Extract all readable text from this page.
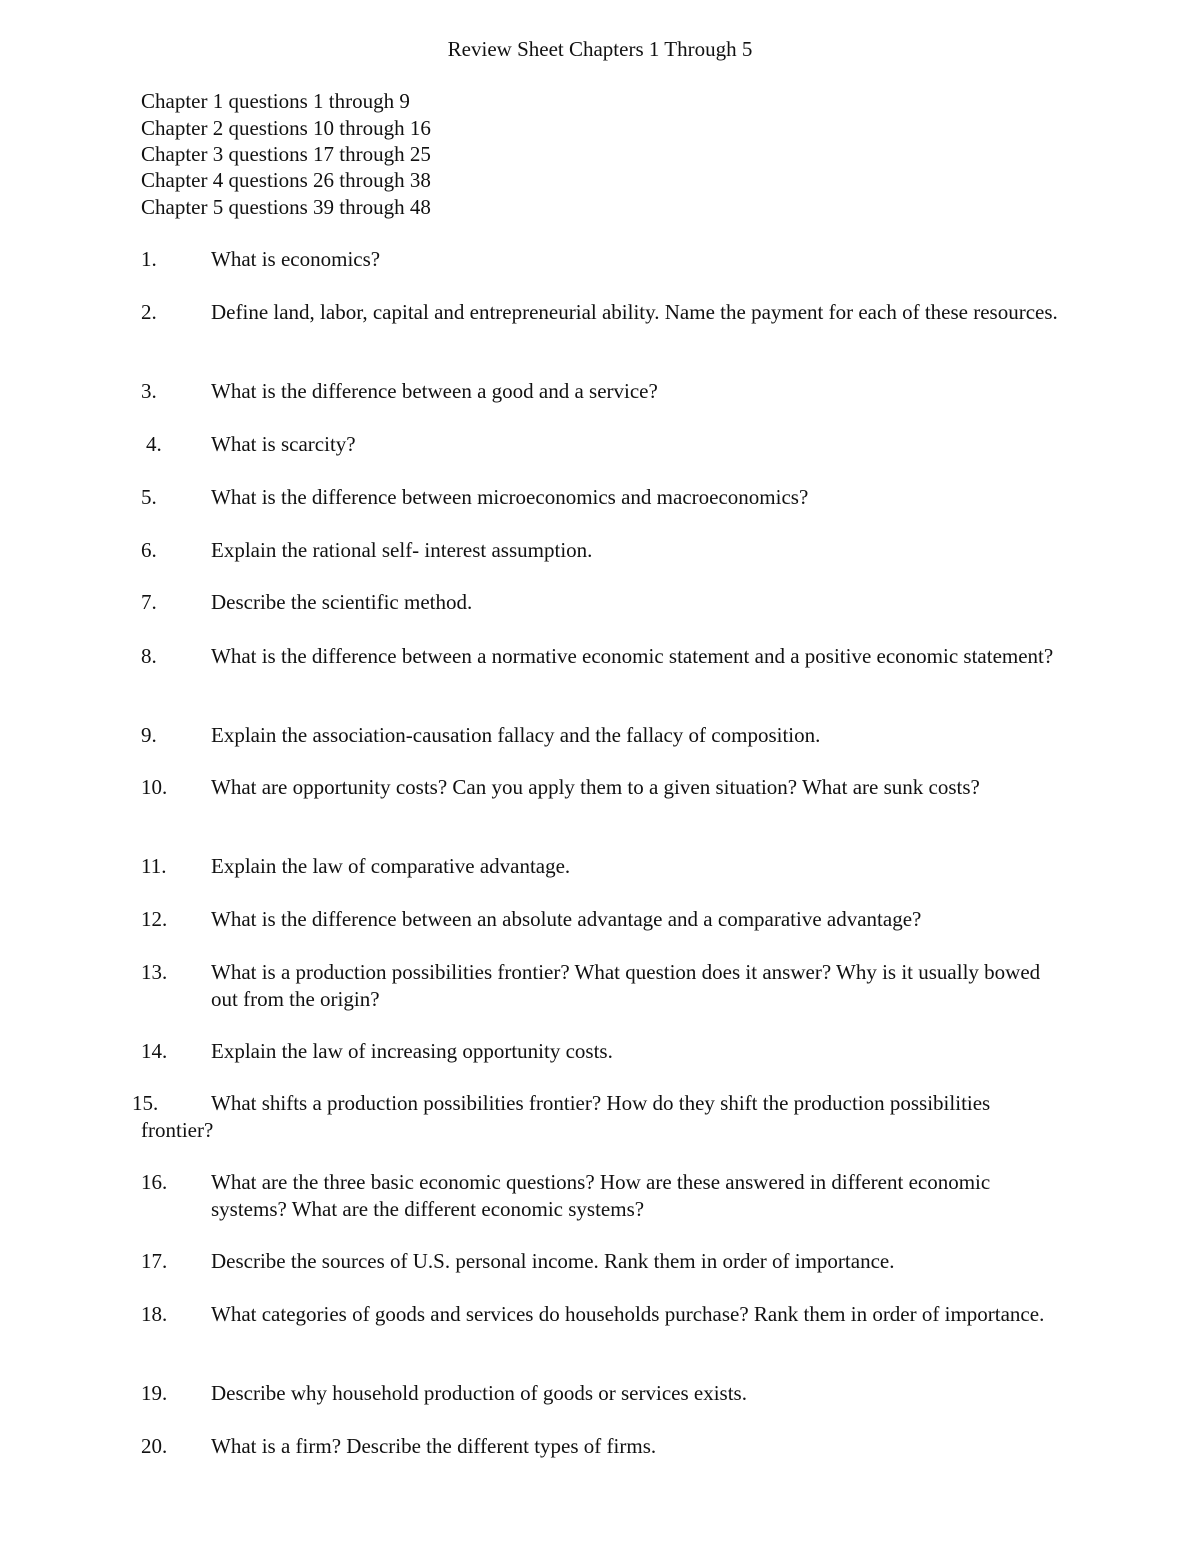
Review Sheet Chapters 1 Through 5
Chapter 1 questions 1 through 9
Chapter 2 questions 10 through 16
Chapter 3 questions 17 through 25
Chapter 4 questions 26 through 38
Chapter 5 questions 39 through 48
1.	What is economics?
2.	Define land, labor, capital and entrepreneurial ability. Name the payment for each of these resources.
3.	What is the difference between a good and a service?
4. What is scarcity?
5.	What is the difference between microeconomics and macroeconomics?
6.	Explain the rational self- interest assumption.
7.	Describe the scientific method.
8.	What is the difference between a normative economic statement and a positive economic statement?
9.	Explain the association-causation fallacy and the fallacy of composition.
10. What are opportunity costs? Can you apply them to a given situation? What are sunk costs?
11. Explain the law of comparative advantage.
12. What is the difference between an absolute advantage and a comparative advantage?
13. What is a production possibilities frontier? What question does it answer? Why is it usually bowed out from the origin?
14. Explain the law of increasing opportunity costs.
15.	What shifts a production possibilities frontier? How do they shift the production possibilities frontier?
16. What are the three basic economic questions? How are these answered in different economic systems? What are the different economic systems?
17. Describe the sources of U.S. personal income. Rank them in order of importance.
18. What categories of goods and services do households purchase? Rank them in order of importance.
19. Describe why household production of goods or services exists.
20. What is a firm? Describe the different types of firms.
